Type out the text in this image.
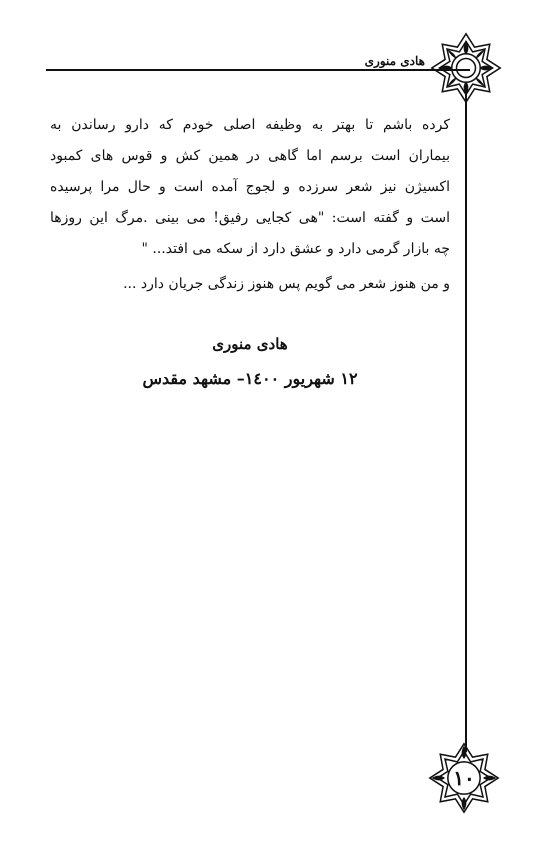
هادی منوری

کرده باشم تا بهتر به وظیفه اصلی خودم که دارو رساندن به
بیماران است برسم اما گاهی در همین کش و قوس های کمبود
اکسیژن نیز شعر سرزده و لجوج آمده است و حال مرا پرسیده
است و گفته است: "هی کجایی رفیق! می بینی .مرگ این روزها
چه بازار گرمی دارد و عشق دارد از سکه می افتد... "

و من هنوز شعر می گویم پس هنوز زندگی جریان دارد ...

هادی منوری
۱۲ شهریور ۱٤۰۰– مشهد مقدس
۱۰
